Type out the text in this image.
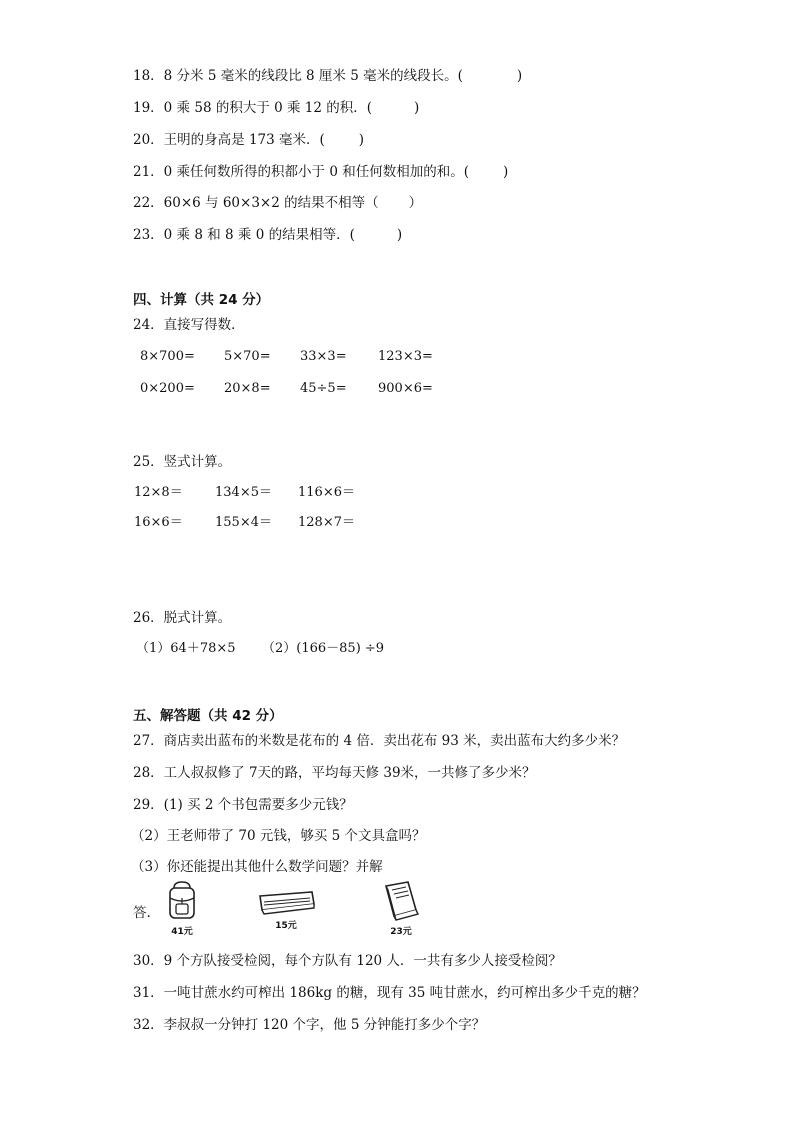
18．8 分米 5 毫米的线段比 8 厘米 5 毫米的线段长。(	)
19．0 乘 58 的积大于 0 乘 12 的积．(	)
20．王明的身高是 173 毫米．(	)
21．0 乘任何数所得的积都小于 0 和任何数相加的和。(	)
22．60×6 与 60×3×2 的结果不相等（ ）
23．0 乘 8 和 8 乘 0 的结果相等．(	)
四、计算（共 24 分）
24．直接写得数．
8×700= 5×70= 33×3= 123×3=
0×200= 20×8= 45÷5= 900×6=
25．竖式计算。
12×8＝ 134×5＝ 116×6＝
16×6＝ 155×4＝ 128×7＝
26．脱式计算。
（1）64＋78×5 （2）(166－85) ÷9
五、解答题（共 42 分）
27．商店卖出蓝布的米数是花布的 4 倍．卖出花布 93 米，卖出蓝布大约多少米？
28．工人叔叔修了 7天的路，平均每天修 39米，一共修了多少米？
29．(1) 买 2 个书包需要多少元钱？
（2）王老师带了 70 元钱，够买 5 个文具盒吗？
（3）你还能提出其他什么数学问题？并解
答.
41元
15元
23元
30．9 个方队接受检阅，每个方队有 120 人．一共有多少人接受检阅？
31．一吨甘蔗水约可榨出 186kg 的糖，现有 35 吨甘蔗水，约可榨出多少千克的糖？
32．李叔叔一分钟打 120 个字，他 5 分钟能打多少个字？
